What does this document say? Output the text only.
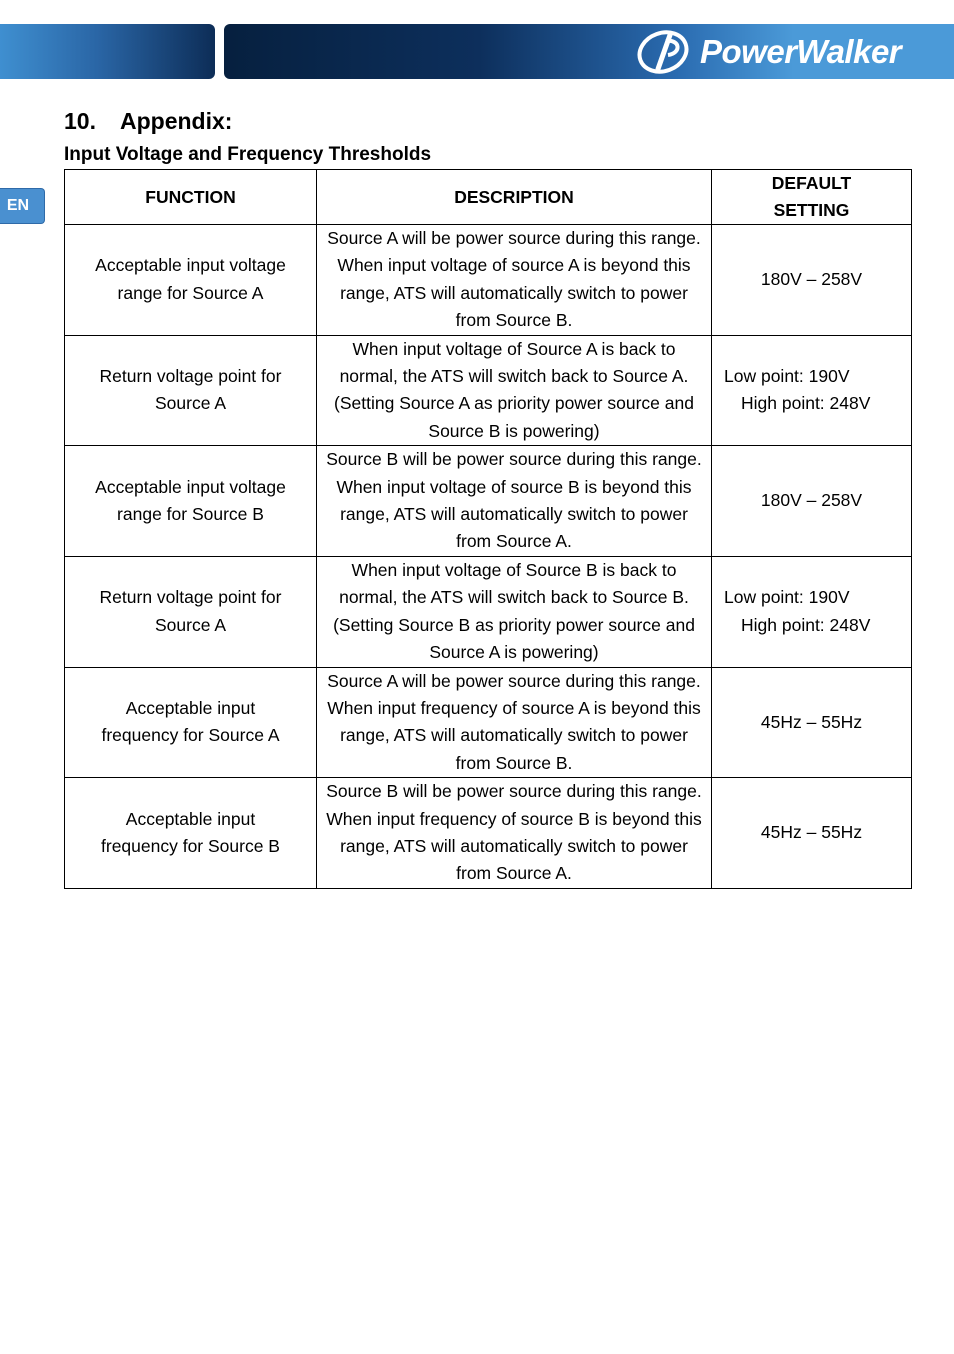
PowerWalker
EN
10. Appendix:
Input Voltage and Frequency Thresholds
FUNCTION	DESCRIPTION	DEFAULT
SETTING
Acceptable input voltage range for Source A	Source A will be power source during this range. When input voltage of source A is beyond this range, ATS will automatically switch to power from Source B.	180V – 258V

Return voltage point for Source A	When input voltage of Source A is back to normal, the ATS will switch back to Source A. (Setting Source A as priority power source and Source B is powering)	Low point: 190V
High point: 248V

Acceptable input voltage range for Source B	Source B will be power source during this range. When input voltage of source B is beyond this range, ATS will automatically switch to power from Source A.	180V – 258V

Return voltage point for Source A	When input voltage of Source B is back to normal, the ATS will switch back to Source B. (Setting Source B as priority power source and Source A is powering)	Low point: 190V
High point: 248V

Acceptable input frequency for Source A	Source A will be power source during this range. When input frequency of source A is beyond this range, ATS will automatically switch to power from Source B.	45Hz – 55Hz

Acceptable input frequency for Source B	Source B will be power source during this range. When input frequency of source B is beyond this range, ATS will automatically switch to power from Source A.	45Hz – 55Hz
